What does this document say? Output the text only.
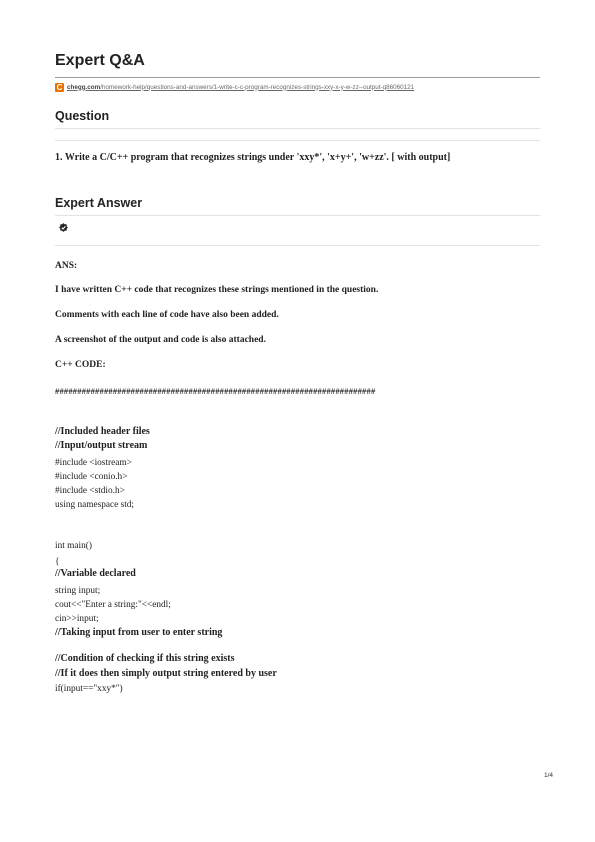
Expert Q&A
C chegg.com/homework-help/questions-and-answers/1-write-c-c-program-recognizes-strings-xxy-x-y-w-zz--output-q86060121
Question
1. Write a C/C++ program that recognizes strings under 'xxy*', 'x+y+', 'w+zz'. [ with output]
Expert Answer
ANS:
I have written C++ code that recognizes these strings mentioned in the question.
Comments with each line of code have also been added.
A screenshot of the output and code is also attached.
C++ CODE:
########################################################################
//Included header files
//Input/output stream
#include <iostream>
#include <conio.h>
#include <stdio.h>
using namespace std;
int main()
{
//Variable declared
string input;
cout<<"Enter a string:"<<endl;
cin>>input;
//Taking input from user to enter string
//Condition of checking if this string exists
//If it does then simply output string entered by user
if(input=="xxy*")
1/4
